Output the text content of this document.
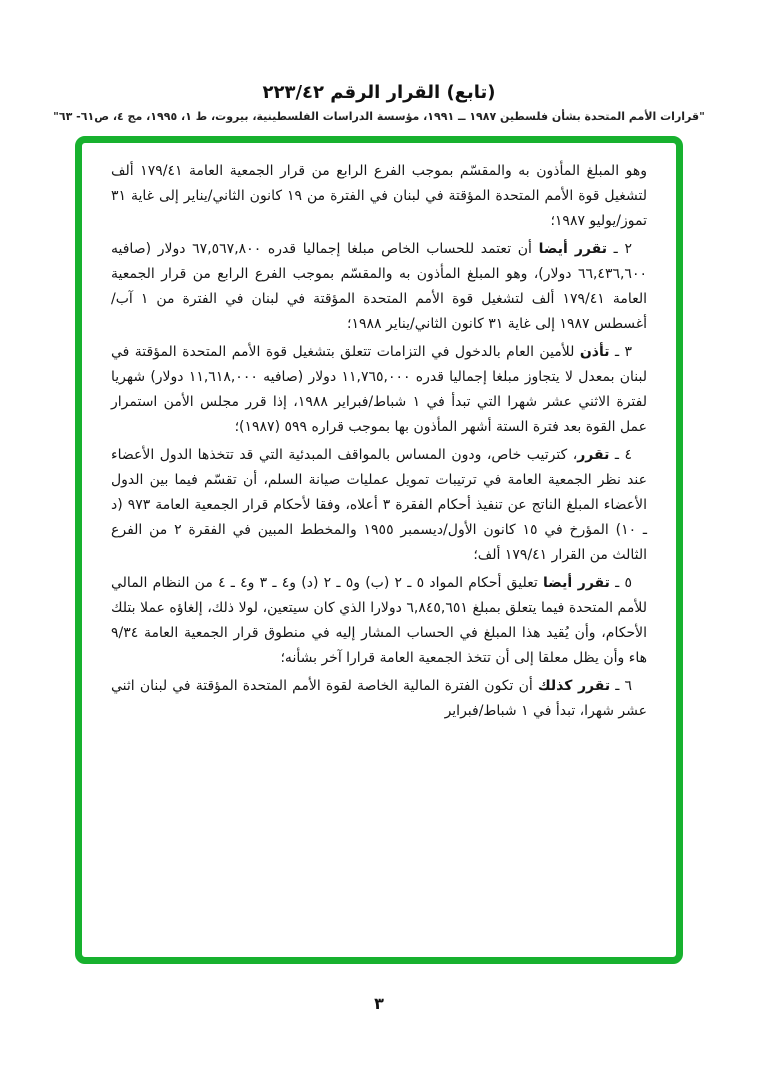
(تابع) القرار الرقم ٢٢٣/٤٢

"قرارات الأمم المتحدة بشأن فلسطين ١٩٨٧ ــ ١٩٩١، مؤسسة الدراسات الفلسطينية، بيروت، ط ١، ١٩٩٥، مج ٤، ص٦١- ٦٣"

وهو المبلغ المأذون به والمقسّم بموجب الفرع الرابع من قرار الجمعية العامة ١٧٩/٤١ ألف لتشغيل قوة الأمم المتحدة المؤقتة في لبنان في الفترة من ١٩ كانون الثاني/يناير إلى غاية ٣١ تموز/يوليو ١٩٨٧؛

٢ ـ تقرر أيضا أن تعتمد للحساب الخاص مبلغا إجماليا قدره ٦٧,٥٦٧,٨٠٠ دولار (صافيه ٦٦,٤٣٦,٦٠٠ دولار)، وهو المبلغ المأذون به والمقسّم بموجب الفرع الرابع من قرار الجمعية العامة ١٧٩/٤١ ألف لتشغيل قوة الأمم المتحدة المؤقتة في لبنان في الفترة من ١ آب/أغسطس ١٩٨٧ إلى غاية ٣١ كانون الثاني/يناير ١٩٨٨؛

٣ ـ تأذن للأمين العام بالدخول في التزامات تتعلق بتشغيل قوة الأمم المتحدة المؤقتة في لبنان بمعدل لا يتجاوز مبلغا إجماليا قدره ١١,٧٦٥,٠٠٠ دولار (صافيه ١١,٦١٨,٠٠٠ دولار) شهريا لفترة الاثني عشر شهرا التي تبدأ في ١ شباط/فبراير ١٩٨٨، إذا قرر مجلس الأمن استمرار عمل القوة بعد فترة الستة أشهر المأذون بها بموجب قراره ٥٩٩ (١٩٨٧)؛

٤ ـ تقرر، كترتيب خاص، ودون المساس بالمواقف المبدئية التي قد تتخذها الدول الأعضاء عند نظر الجمعية العامة في ترتيبات تمويل عمليات صيانة السلم، أن تقسّم فيما بين الدول الأعضاء المبلغ الناتج عن تنفيذ أحكام الفقرة ٣ أعلاه، وفقا لأحكام قرار الجمعية العامة ٩٧٣ (د ـ ١٠) المؤرخ في ١٥ كانون الأول/ديسمبر ١٩٥٥ والمخطط المبين في الفقرة ٢ من الفرع الثالث من القرار ١٧٩/٤١ ألف؛

٥ ـ تقرر أيضا تعليق أحكام المواد ٥ ـ ٢ (ب) و٥ ـ ٢ (د) و٤ ـ ٣ و٤ ـ ٤ من النظام المالي للأمم المتحدة فيما يتعلق بمبلغ ٦,٨٤٥,٦٥١ دولارا الذي كان سيتعين، لولا ذلك، إلغاؤه عملا بتلك الأحكام، وأن يُقيد هذا المبلغ في الحساب المشار إليه في منطوق قرار الجمعية العامة ٩/٣٤ هاء وأن يظل معلقا إلى أن تتخذ الجمعية العامة قرارا آخر بشأنه؛

٦ ـ تقرر كذلك أن تكون الفترة المالية الخاصة لقوة الأمم المتحدة المؤقتة في لبنان اثني عشر شهرا، تبدأ في ١ شباط/فبراير

٣
